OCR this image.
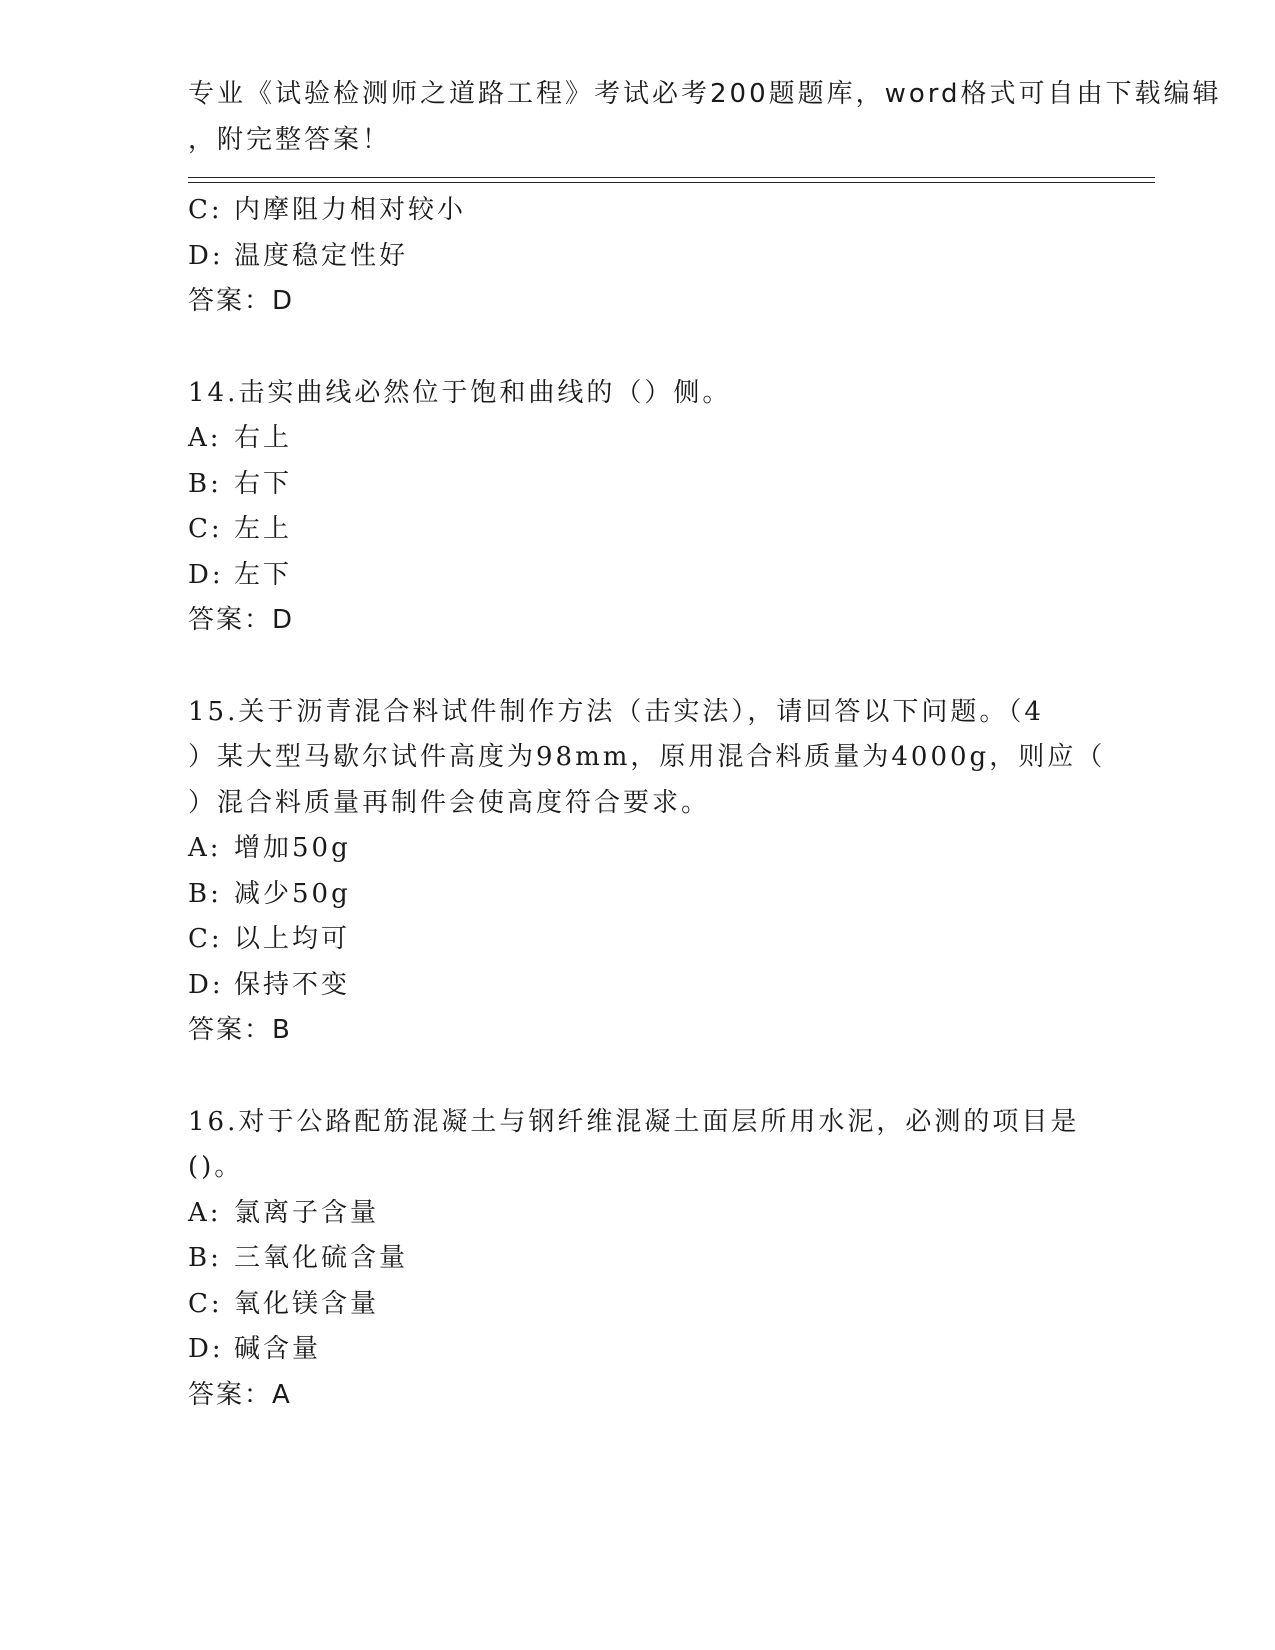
专业《试验检测师之道路工程》考试必考200题题库，word格式可自由下载编辑
，附完整答案！
C: 内摩阻力相对较小
D: 温度稳定性好
答案：D
14.击实曲线必然位于饱和曲线的（）侧。
A: 右上
B: 右下
C: 左上
D: 左下
答案：D
15.关于沥青混合料试件制作方法（击实法），请回答以下问题。（4
）某大型马歇尔试件高度为98mm，原用混合料质量为4000g，则应（
）混合料质量再制件会使高度符合要求。
A: 增加50g
B: 减少50g
C: 以上均可
D: 保持不变
答案：B
16.对于公路配筋混凝土与钢纤维混凝土面层所用水泥，必测的项目是
()。
A: 氯离子含量
B: 三氧化硫含量
C: 氧化镁含量
D: 碱含量
答案：A
